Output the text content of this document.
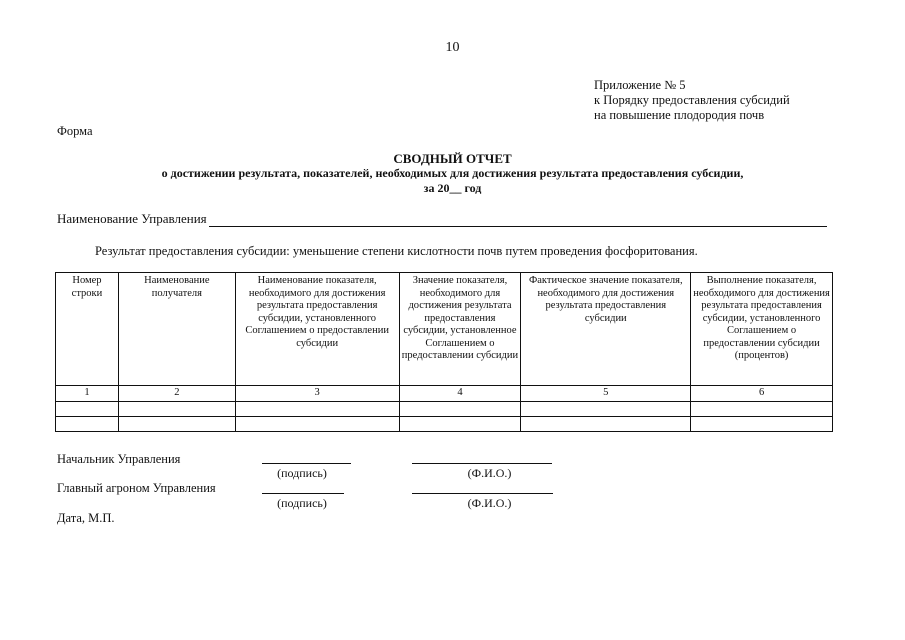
10
Приложение № 5
к Порядку предоставления субсидий
на повышение плодородия почв
Форма
СВОДНЫЙ ОТЧЕТ
о достижении результата, показателей, необходимых для достижения результата предоставления субсидии,
за 20__ год
Наименование Управления
Результат предоставления субсидии: уменьшение степени кислотности почв путем проведения фосфоритования.
Номер строки	Наименование получателя	Наименование показателя, необходимого для достижения результата предоставления субсидии, установленного Соглашением о предоставлении субсидии	Значение показателя, необходимого для достижения результата предоставления субсидии, установленное Соглашением о предоставлении субсидии	Фактическое значение показателя, необходимого для достижения результата предоставления субсидии	Выполнение показателя, необходимого для достижения результата предоставления субсидии, установленного Соглашением о предоставлении субсидии (процентов)
1	2	3	4	5	6

Начальник Управления
(подпись)	(Ф.И.О.)
Главный агроном Управления
(подпись)	(Ф.И.О.)
Дата, М.П.
